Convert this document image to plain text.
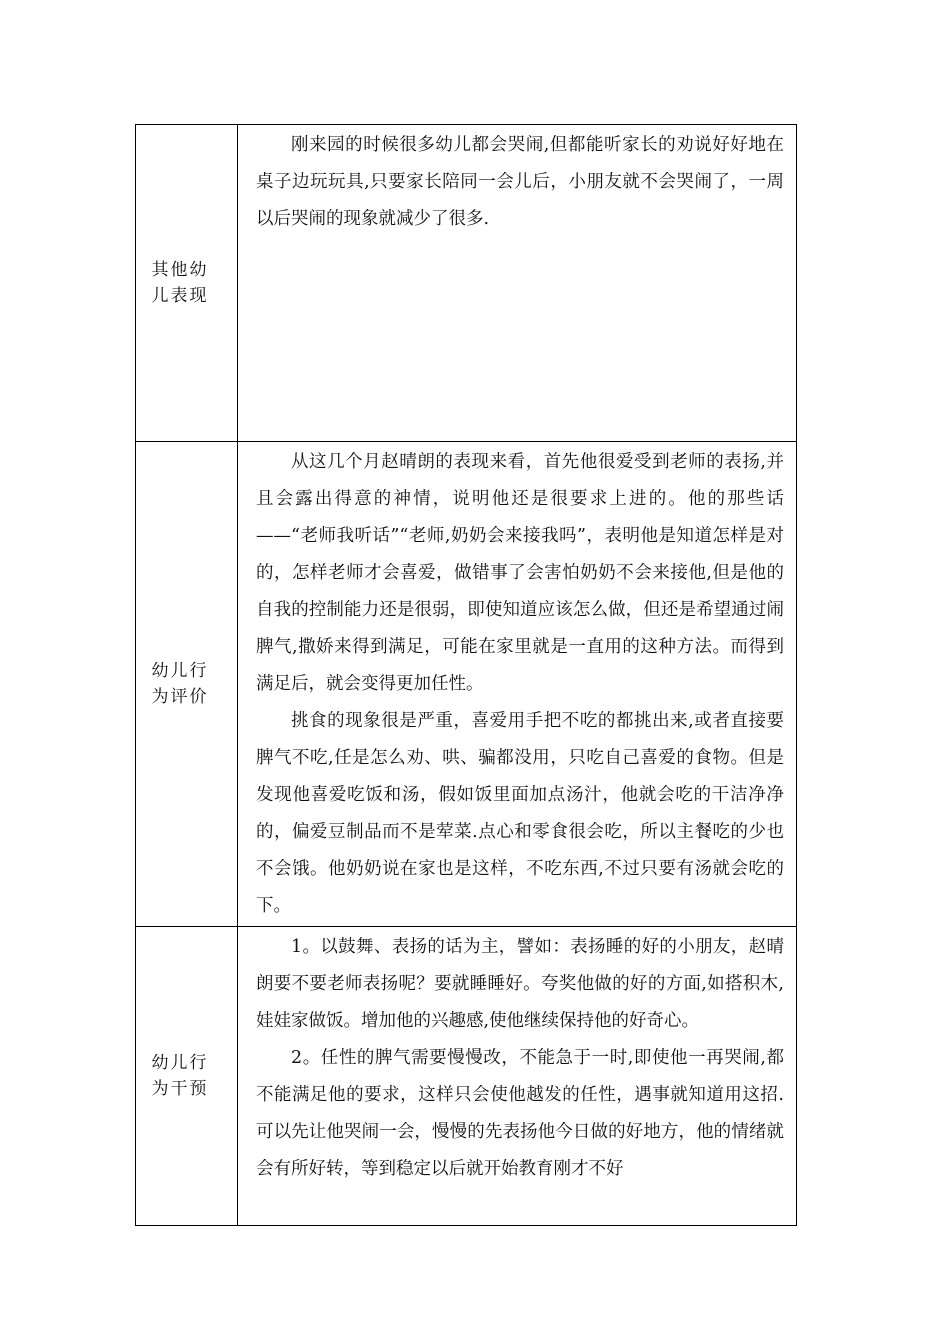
其他幼儿表现	刚来园的时候很多幼儿都会哭闹,但都能听家长的劝说好好地在桌子边玩玩具,只要家长陪同一会儿后，小朋友就不会哭闹了，一周以后哭闹的现象就减少了很多.

幼儿行为评价	从这几个月赵晴朗的表现来看，首先他很爱受到老师的表扬,并且会露出得意的神情，说明他还是很要求上进的。他的那些话——“老师我听话”“老师,奶奶会来接我吗”，表明他是知道怎样是对的，怎样老师才会喜爱，做错事了会害怕奶奶不会来接他,但是他的自我的控制能力还是很弱，即使知道应该怎么做，但还是希望通过闹脾气,撒娇来得到满足，可能在家里就是一直用的这种方法。而得到满足后，就会变得更加任性。

挑食的现象很是严重，喜爱用手把不吃的都挑出来,或者直接要脾气不吃,任是怎么劝、哄、骗都没用，只吃自己喜爱的食物。但是发现他喜爱吃饭和汤，假如饭里面加点汤汁，他就会吃的干洁净净的，偏爱豆制品而不是荤菜.点心和零食很会吃，所以主餐吃的少也不会饿。他奶奶说在家也是这样，不吃东西,不过只要有汤就会吃的下。

幼儿行为干预	1。以鼓舞、表扬的话为主，譬如：表扬睡的好的小朋友，赵晴朗要不要老师表扬呢？要就睡睡好。夸奖他做的好的方面,如搭积木,娃娃家做饭。增加他的兴趣感,使他继续保持他的好奇心。

2。任性的脾气需要慢慢改，不能急于一时,即使他一再哭闹,都不能满足他的要求，这样只会使他越发的任性，遇事就知道用这招.可以先让他哭闹一会，慢慢的先表扬他今日做的好地方，他的情绪就会有所好转，等到稳定以后就开始教育刚才不好
